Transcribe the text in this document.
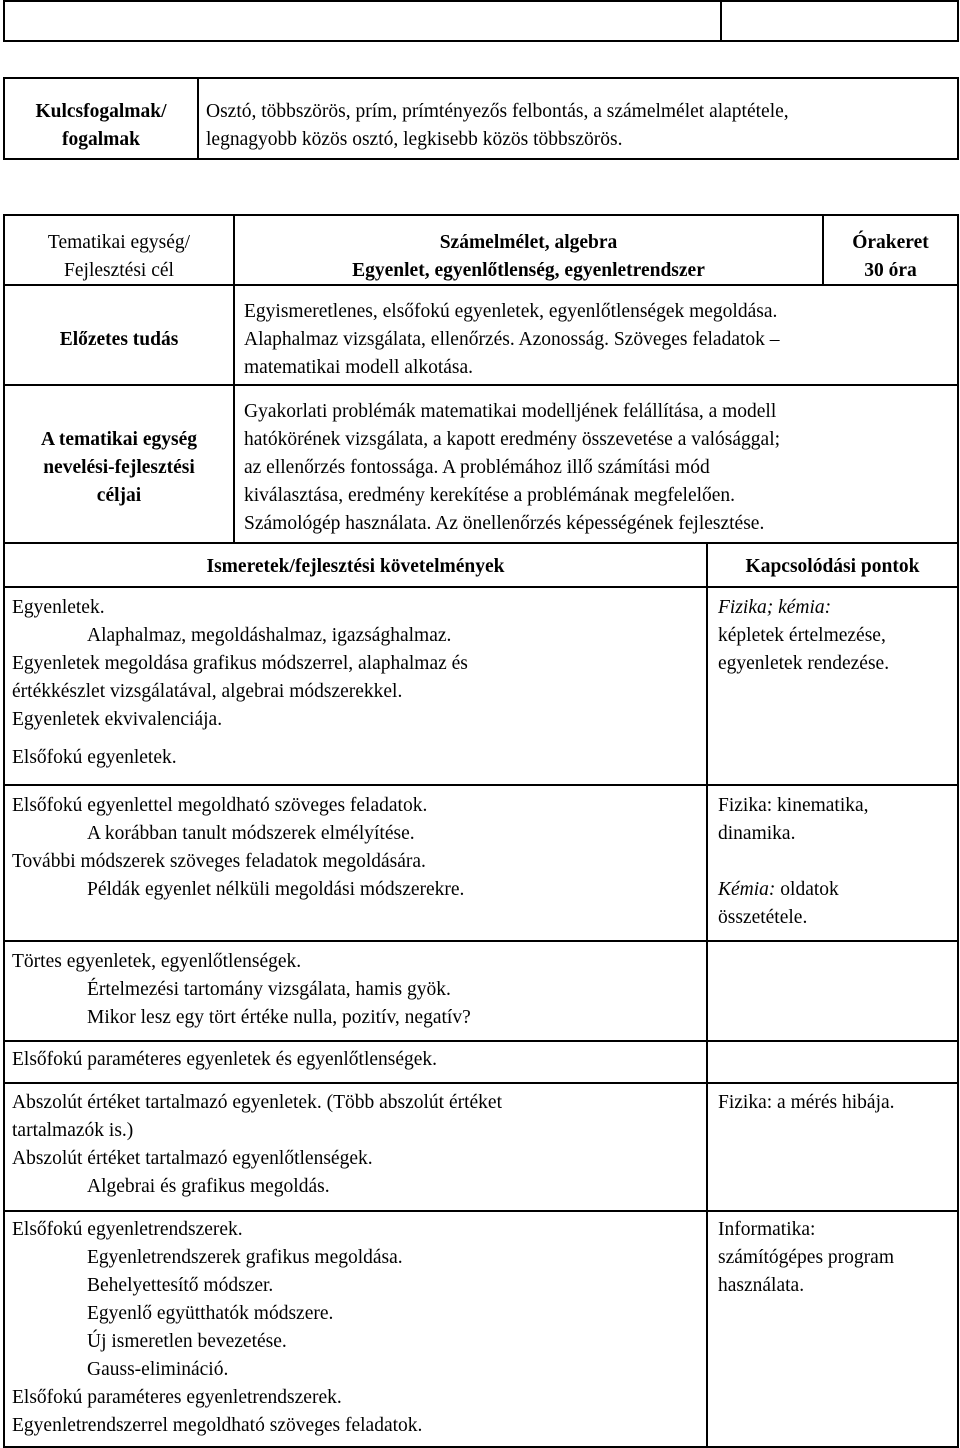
Kulcsfogalmak/

fogalmak

Osztó, többszörös, prím, prímtényezős felbontás, a számelmélet alaptétele,

legnagyobb közös osztó, legkisebb közös többszörös.

Tematikai egység/

Fejlesztési cél

Számelmélet, algebra

Egyenlet, egyenlőtlenség, egyenletrendszer

Órakeret

30 óra

Előzetes tudás

Egyismeretlenes, elsőfokú egyenletek, egyenlőtlenségek megoldása.

Alaphalmaz vizsgálata, ellenőrzés. Azonosság. Szöveges feladatok –

matematikai modell alkotása.

A tematikai egység

nevelési-fejlesztési

céljai

Gyakorlati problémák matematikai modelljének felállítása, a modell

hatókörének vizsgálata, a kapott eredmény összevetése a valósággal;

az ellenőrzés fontossága. A problémához illő számítási mód

kiválasztása, eredmény kerekítése a problémának megfelelően.

Számológép használata. Az önellenőrzés képességének fejlesztése.

Ismeretek/fejlesztési követelmények	Kapcsolódási pontok

Egyenletek.

Alaphalmaz, megoldáshalmaz, igazsághalmaz.

Egyenletek megoldása grafikus módszerrel, alaphalmaz és

értékkészlet vizsgálatával, algebrai módszerekkel.

Egyenletek ekvivalenciája.

Elsőfokú egyenletek.

Fizika; kémia:

képletek értelmezése,

egyenletek rendezése.

Elsőfokú egyenlettel megoldható szöveges feladatok.

A korábban tanult módszerek elmélyítése.

További módszerek szöveges feladatok megoldására.

Példák egyenlet nélküli megoldási módszerekre.

Fizika: kinematika,

dinamika.

Kémia: oldatok

összetétele.

Törtes egyenletek, egyenlőtlenségek.

Értelmezési tartomány vizsgálata, hamis gyök.

Mikor lesz egy tört értéke nulla, pozitív, negatív?

Elsőfokú paraméteres egyenletek és egyenlőtlenségek.

Abszolút értéket tartalmazó egyenletek. (Több abszolút értéket

tartalmazók is.)

Abszolút értéket tartalmazó egyenlőtlenségek.

Algebrai és grafikus megoldás.

Fizika: a mérés hibája.

Elsőfokú egyenletrendszerek.

Egyenletrendszerek grafikus megoldása.

Behelyettesítő módszer.

Egyenlő együtthatók módszere.

Új ismeretlen bevezetése.

Gauss-elimináció.

Elsőfokú paraméteres egyenletrendszerek.

Egyenletrendszerrel megoldható szöveges feladatok.

Informatika:

számítógépes program

használata.
